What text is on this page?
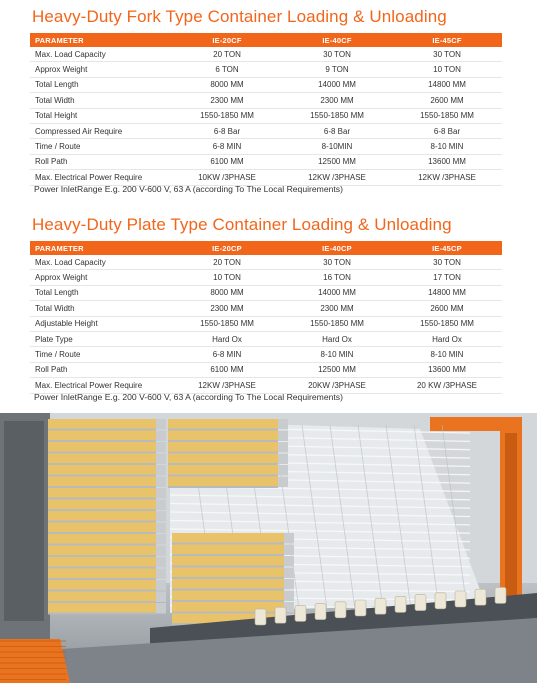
Heavy-Duty Fork Type Container Loading & Unloading
PARAMETER	IE-20CF	IE-40CF	IE-45CF
Max. Load Capacity	20 TON	30 TON	30 TON
Approx Weight	6 TON	9 TON	10 TON
Total Length	8000 MM	14000 MM	14800 MM
Total Width	2300 MM	2300 MM	2600 MM
Total Height	1550-1850 MM	1550-1850 MM	1550-1850 MM
Compressed Air Require	6-8 Bar	6-8 Bar	6-8 Bar
Time / Route	6-8 MIN	8-10MIN	8-10 MIN
Roll Path	6100 MM	12500 MM	13600 MM
Max. Electrical Power Require	10KW /3PHASE	12KW /3PHASE	12KW /3PHASE
Power InletRange E.g. 200 V-600 V, 63 A (according To The Local Requirements)
Heavy-Duty Plate Type Container Loading & Unloading
PARAMETER	IE-20CP	IE-40CP	IE-45CP
Max. Load Capacity	20 TON	30 TON	30 TON
Approx Weight	10 TON	16 TON	17 TON
Total Length	8000 MM	14000 MM	14800 MM
Total Width	2300 MM	2300 MM	2600 MM
Adjustable Height	1550-1850 MM	1550-1850 MM	1550-1850 MM
Plate Type	Hard Ox	Hard Ox	Hard Ox
Time / Route	6-8 MIN	8-10 MIN	8-10 MIN
Roll Path	6100 MM	12500 MM	13600 MM
Max. Electrical Power Require	12KW /3PHASE	20KW /3PHASE	20 KW /3PHASE
Power InletRange E.g. 200 V-600 V, 63 A (according To The Local Requirements)
